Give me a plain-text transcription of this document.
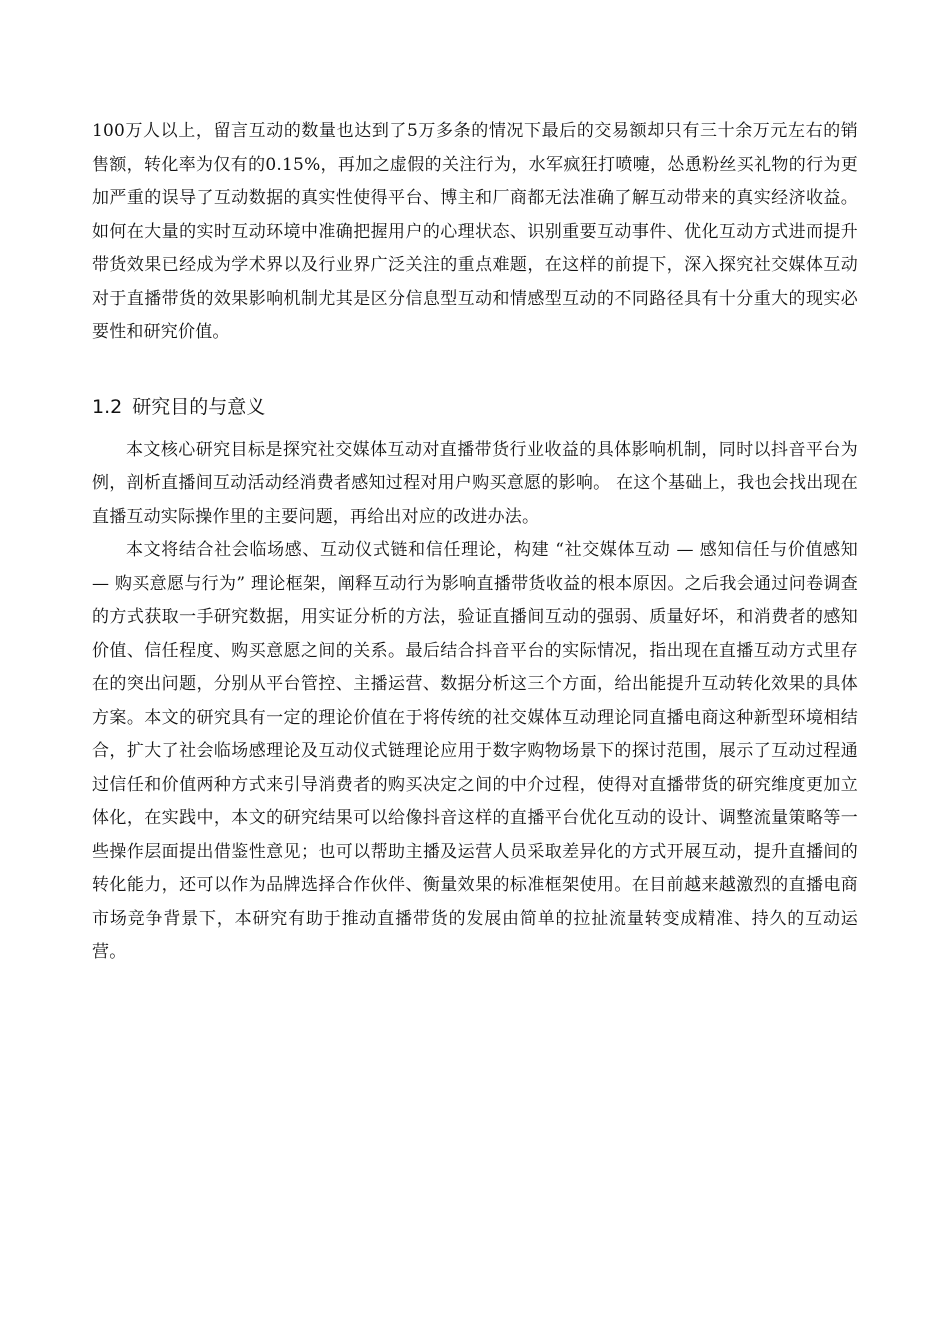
100万人以上，留言互动的数量也达到了5万多条的情况下最后的交易额却只有三十余万元左右的销售额，转化率为仅有的0.15%，再加之虚假的关注行为，水军疯狂打喷嚏，怂恿粉丝买礼物的行为更加严重的误导了互动数据的真实性使得平台、博主和厂商都无法准确了解互动带来的真实经济收益。如何在大量的实时互动环境中准确把握用户的心理状态、识别重要互动事件、优化互动方式进而提升带货效果已经成为学术界以及行业界广泛关注的重点难题，在这样的前提下，深入探究社交媒体互动对于直播带货的效果影响机制尤其是区分信息型互动和情感型互动的不同路径具有十分重大的现实必要性和研究价值。

1.2 研究目的与意义

本文核心研究目标是探究社交媒体互动对直播带货行业收益的具体影响机制，同时以抖音平台为例，剖析直播间互动活动经消费者感知过程对用户购买意愿的影响。 在这个基础上，我也会找出现在直播互动实际操作里的主要问题，再给出对应的改进办法。

本文将结合社会临场感、互动仪式链和信任理论，构建 “社交媒体互动 — 感知信任与价值感知 — 购买意愿与行为” 理论框架，阐释互动行为影响直播带货收益的根本原因。之后我会通过问卷调查的方式获取一手研究数据，用实证分析的方法，验证直播间互动的强弱、质量好坏，和消费者的感知价值、信任程度、购买意愿之间的关系。最后结合抖音平台的实际情况，指出现在直播互动方式里存在的突出问题，分别从平台管控、主播运营、数据分析这三个方面，给出能提升互动转化效果的具体方案。本文的研究具有一定的理论价值在于将传统的社交媒体互动理论同直播电商这种新型环境相结合，扩大了社会临场感理论及互动仪式链理论应用于数字购物场景下的探讨范围，展示了互动过程通过信任和价值两种方式来引导消费者的购买决定之间的中介过程，使得对直播带货的研究维度更加立体化，在实践中，本文的研究结果可以给像抖音这样的直播平台优化互动的设计、调整流量策略等一些操作层面提出借鉴性意见；也可以帮助主播及运营人员采取差异化的方式开展互动，提升直播间的转化能力，还可以作为品牌选择合作伙伴、衡量效果的标准框架使用。在目前越来越激烈的直播电商市场竞争背景下，本研究有助于推动直播带货的发展由简单的拉扯流量转变成精准、持久的互动运营。
